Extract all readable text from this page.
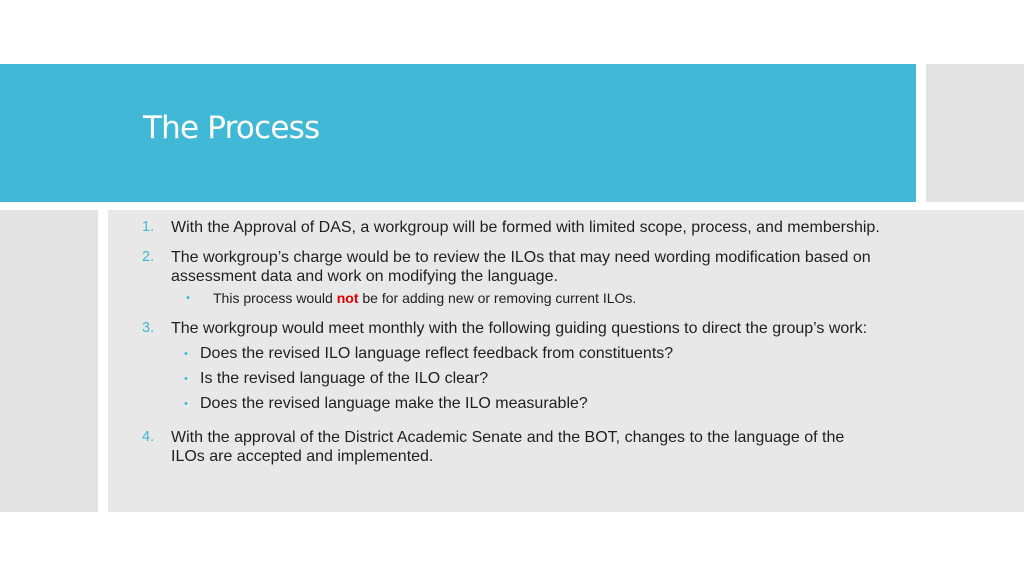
The Process
1. With the Approval of DAS, a workgroup will be formed with limited scope, process, and membership.
2. The workgroup’s charge would be to review the ILOs that may need wording modification based on assessment data and work on modifying the language.
• This process would not be for adding new or removing current ILOs.
3. The workgroup would meet monthly with the following guiding questions to direct the group’s work:
• Does the revised ILO language reflect feedback from constituents?
• Is the revised language of the ILO clear?
• Does the revised language make the ILO measurable?
4. With the approval of the District Academic Senate and the BOT, changes to the language of the ILOs are accepted and implemented.
